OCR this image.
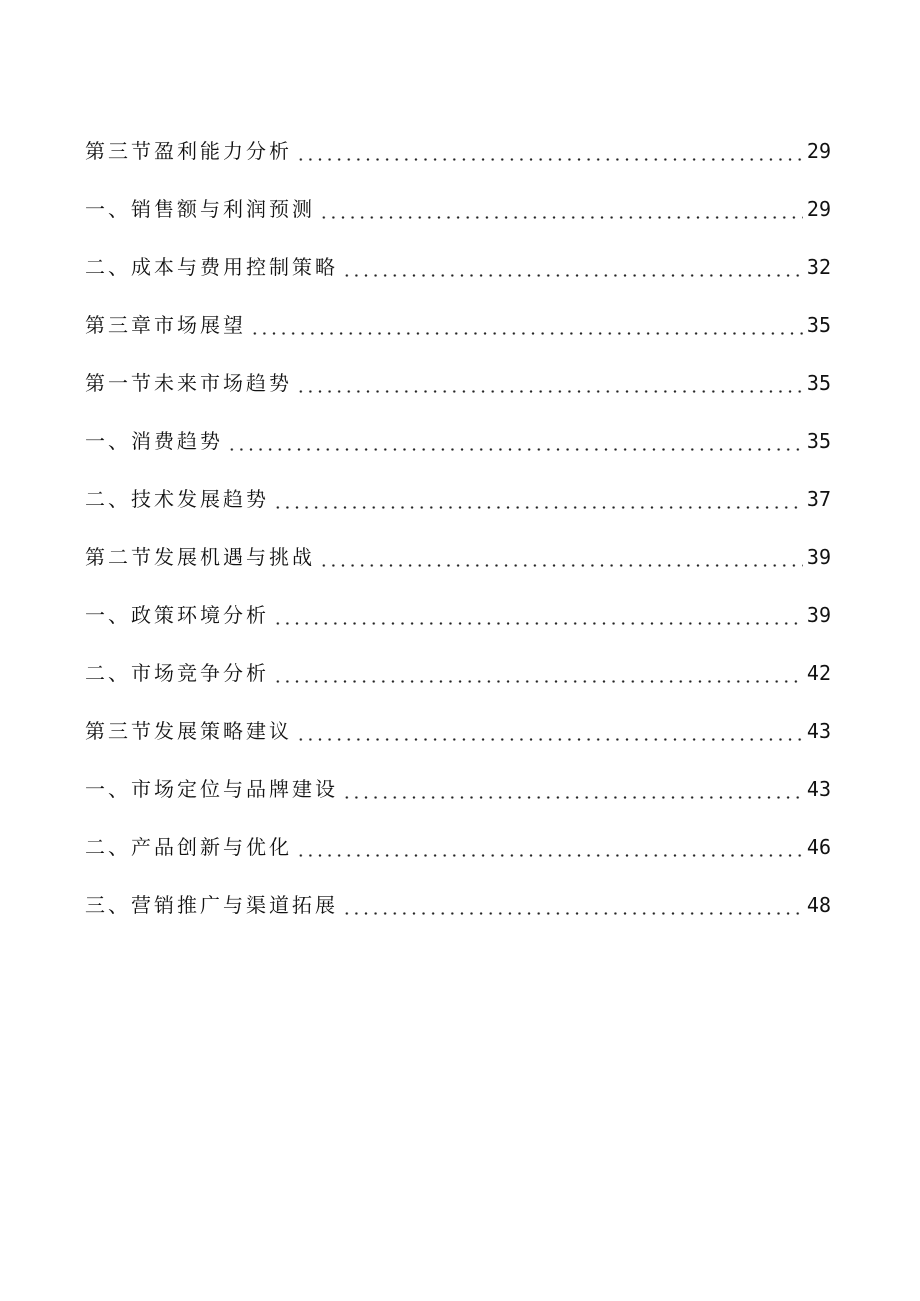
第三节盈利能力分析	29
一、销售额与利润预测	29
二、成本与费用控制策略	32
第三章市场展望	35
第一节未来市场趋势	35
一、消费趋势	35
二、技术发展趋势	37
第二节发展机遇与挑战	39
一、政策环境分析	39
二、市场竞争分析	42
第三节发展策略建议	43
一、市场定位与品牌建设	43
二、产品创新与优化	46
三、营销推广与渠道拓展	48
